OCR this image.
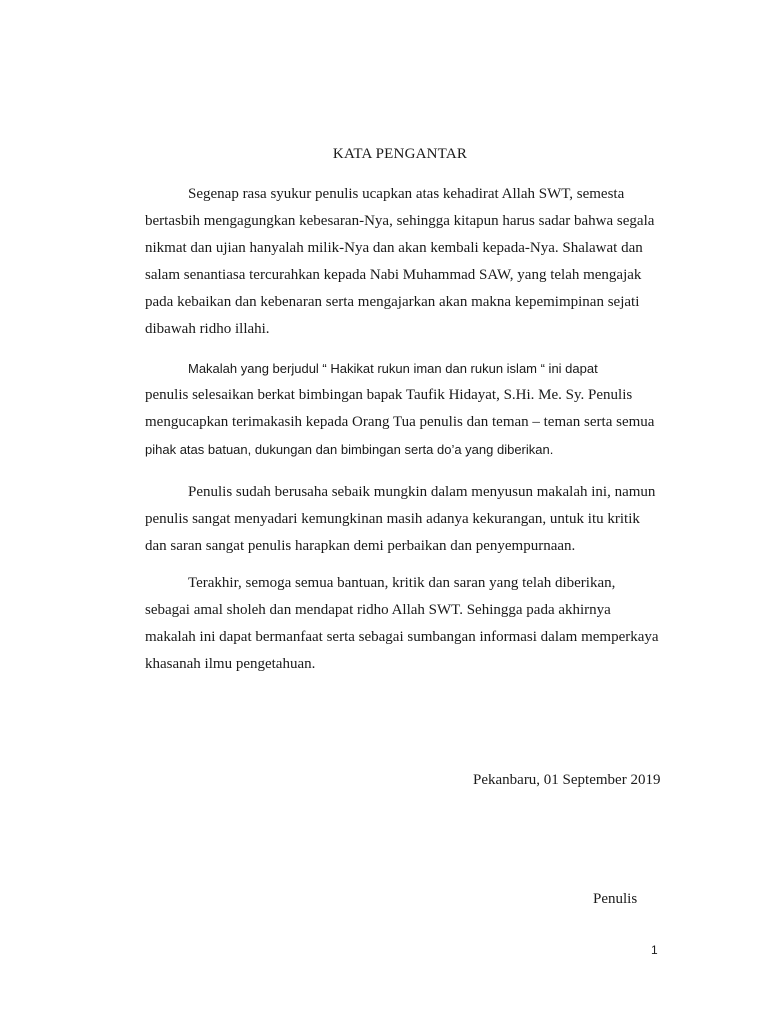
KATA PENGANTAR
Segenap rasa syukur penulis ucapkan atas kehadirat Allah SWT, semesta
bertasbih mengagungkan kebesaran-Nya, sehingga kitapun harus sadar bahwa segala
nikmat dan ujian hanyalah milik-Nya dan akan kembali kepada-Nya. Shalawat dan
salam senantiasa tercurahkan kepada Nabi Muhammad SAW, yang telah mengajak
pada kebaikan dan kebenaran serta mengajarkan akan makna kepemimpinan sejati
dibawah ridho illahi.
Makalah yang berjudul “ Hakikat rukun iman dan rukun islam “ ini dapat
penulis selesaikan berkat bimbingan bapak Taufik Hidayat, S.Hi. Me. Sy. Penulis
mengucapkan terimakasih kepada Orang Tua penulis dan teman – teman serta semua
pihak atas batuan, dukungan dan bimbingan serta do’a yang diberikan.
Penulis sudah berusaha sebaik mungkin dalam menyusun makalah ini, namun
penulis sangat menyadari kemungkinan masih adanya kekurangan, untuk itu kritik
dan saran sangat penulis harapkan demi perbaikan dan penyempurnaan.
Terakhir, semoga semua bantuan, kritik dan saran yang telah diberikan,
sebagai amal sholeh dan mendapat ridho Allah SWT. Sehingga pada akhirnya
makalah ini dapat bermanfaat serta sebagai sumbangan informasi dalam memperkaya
khasanah ilmu pengetahuan.
Pekanbaru, 01 September 2019
Penulis
1
